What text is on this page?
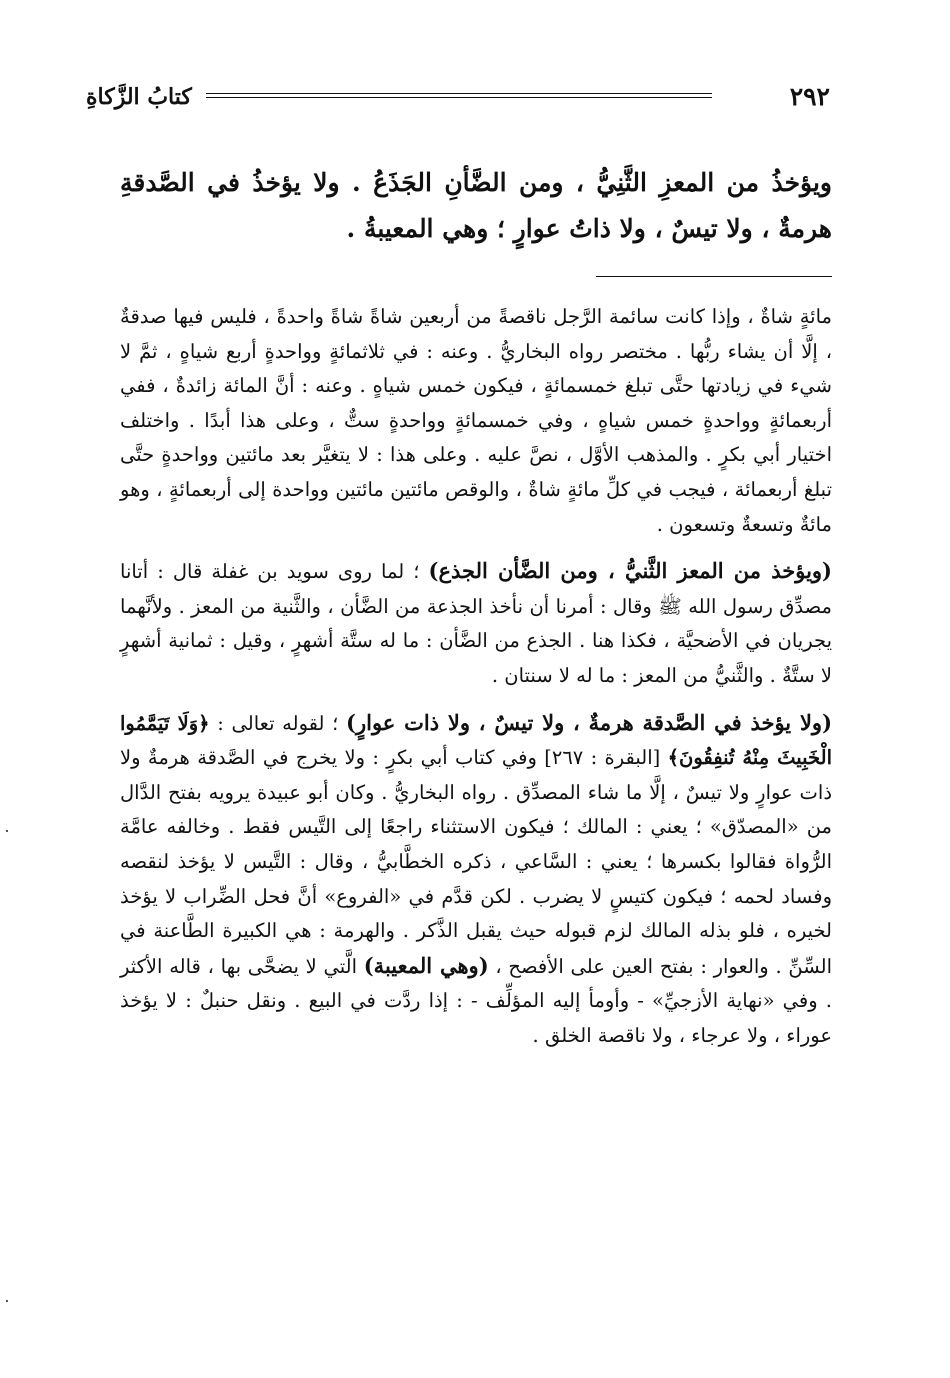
٢٩٢
كتابُ الزَّكاةِ

ويؤخذُ من المعزِ الثَّنِيُّ ، ومن الضَّأنِ الجَذَعُ . ولا يؤخذُ في الصَّدقةِ هرمةٌ ، ولا تيسٌ ، ولا ذاتُ عوارٍ ؛ وهي المعيبةُ .

مائةٍ شاةٌ ، وإذا كانت سائمة الرَّجل ناقصةً من أربعين شاةً شاةً واحدةً ، فليس فيها صدقةٌ ، إلَّا أن يشاء ربُّها . مختصر رواه البخاريُّ . وعنه : في ثلاثمائةٍ وواحدةٍ أربع شياهٍ ، ثمَّ لا شيء في زيادتها حتَّى تبلغ خمسمائةٍ ، فيكون خمس شياهٍ . وعنه : أنَّ المائة زائدةٌ ، ففي أربعمائةٍ وواحدةٍ خمس شياهٍ ، وفي خمسمائةٍ وواحدةٍ ستٌّ ، وعلى هذا أبدًا . واختلف اختيار أبي بكرٍ . والمذهب الأوَّل ، نصَّ عليه . وعلى هذا : لا يتغيَّر بعد مائتين وواحدةٍ حتَّى تبلغ أربعمائة ، فيجب في كلِّ مائةٍ شاةٌ ، والوقص مائتين مائتين وواحدة إلى أربعمائةٍ ، وهو مائةٌ وتسعةٌ وتسعون .

(ويؤخذ من المعز الثَّنيُّ ، ومن الضَّأن الجذع) ؛ لما روى سويد بن غفلة قال : أتانا مصدِّق رسول الله ﷺ وقال : أمرنا أن نأخذ الجذعة من الضَّأن ، والثَّنية من المعز . ولأنَّهما يجريان في الأضحيَّة ، فكذا هنا . الجذع من الضَّأن : ما له ستَّة أشهرٍ ، وقيل : ثمانية أشهرٍ لا ستَّةٌ . والثَّنيُّ من المعز : ما له لا سنتان .

(ولا يؤخذ في الصَّدقة هرمةٌ ، ولا تيسٌ ، ولا ذات عوارٍ) ؛ لقوله تعالى : ﴿وَلَا تَيَمَّمُوا الْخَبِيثَ مِنْهُ تُنفِقُونَ﴾ [البقرة : ٢٦٧] وفي كتاب أبي بكرٍ : ولا يخرج في الصَّدقة هرمةٌ ولا ذات عوارٍ ولا تيسٌ ، إلَّا ما شاء المصدِّق . رواه البخاريُّ . وكان أبو عبيدة يرويه بفتح الدَّال من «المصدّق» ؛ يعني : المالك ؛ فيكون الاستثناء راجعًا إلى التَّيس فقط . وخالفه عامَّة الرُّواة فقالوا بكسرها ؛ يعني : السَّاعي ، ذكره الخطَّابيُّ ، وقال : التَّيس لا يؤخذ لنقصه وفساد لحمه ؛ فيكون كتيسٍ لا يضرب . لكن قدَّم في «الفروع» أنَّ فحل الضِّراب لا يؤخذ لخيره ، فلو بذله المالك لزم قبوله حيث يقبل الذَّكر . والهرمة : هي الكبيرة الطَّاعنة في السِّنِّ . والعوار : بفتح العين على الأفصح ، (وهي المعيبة) الَّتي لا يضحَّى بها ، قاله الأكثر . وفي «نهاية الأزجيِّ» - وأومأ إليه المؤلِّف - : إذا ردَّت في البيع . ونقل حنبلٌ : لا يؤخذ عوراء ، ولا عرجاء ، ولا ناقصة الخلق .
